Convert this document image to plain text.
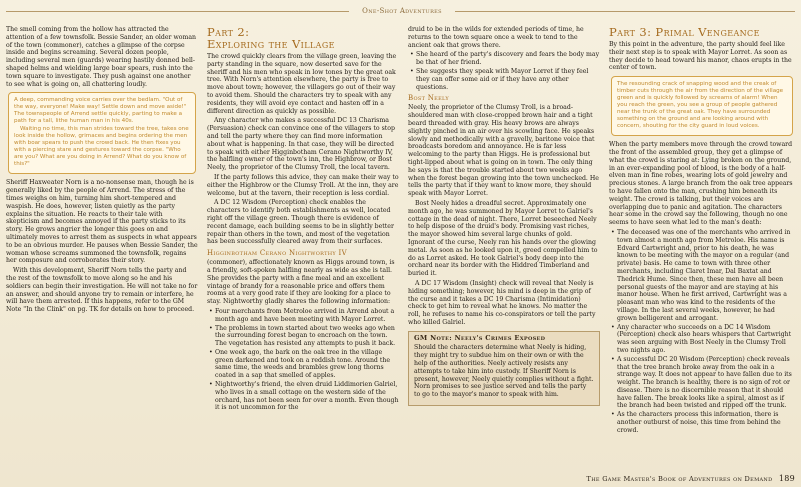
One-Shot Adventures

The smell coming from the hollow has attracted the attention of a few townsfolk. Bessie Sander, an older woman of the town (commoner), catches a glimpse of the corpse inside and begins screaming. Several dozen people, including several men (guards) wearing hastily donned bell-shaped helms and wielding large boar spears, rush into the town square to investigate. They push against one another to see what is going on, all chattering loudly.

A deep, commanding voice carries over the bedlam. "Out of the way, everyone! Make way! Settle down and move aside!" The townspeople of Arrend settle quickly, parting to make a path for a tall, lithe human man in his 40s.

Waiting no time, this man strides toward the tree, takes one look inside the hollow, grimaces and begins ordering the men with boar spears to push the crowd back. He then fixes you with a piercing stare and gestures toward the corpse. "Who are you? What are you doing in Arrend? What do you know of this?"

Sheriff Haxweater Norn is a no-nonsense man, though he is generally liked by the people of Arrend. The stress of the times weighs on him, turning him short-tempered and waspish. He does, however, listen quietly as the party explains the situation. He reacts to their tale with skepticism and becomes annoyed if the party sticks to its story. He grows angrier the longer this goes on and ultimately moves to arrest them as suspects in what appears to be an obvious murder. He pauses when Bessie Sander, the woman whose screams summoned the townsfolk, regains her composure and corroborates their story.

With this development, Sheriff Norn tells the party and the rest of the townsfolk to move along so he and his soldiers can begin their investigation. He will not take no for an answer, and should anyone try to remain or interfere, he will have them arrested. If this happens, refer to the GM Note "In the Clink" on pg. TK for details on how to proceed.

Part 2:
Exploring the Village

The crowd quickly clears from the village green, leaving the party standing in the square, now deserted save for the sheriff and his men who speak in low tones by the great oak tree. With Norn's attention elsewhere, the party is free to move about town; however, the villagers go out of their way to avoid them. Should the characters try to speak with any residents, they will avoid eye contact and hasten off in a different direction as quickly as possible.

Any character who makes a successful DC 13 Charisma (Persuasion) check can convince one of the villagers to stop and tell the party where they can find more information about what is happening. In that case, they will be directed to speak with either Higginbotham Cerano Nightworthy IV, the halfling owner of the town's inn, the Highbrow, or Bost Neely, the proprietor of the Clumsy Troll, the local tavern.

If the party follows this advice, they can make their way to either the Highbrow or the Clumsy Troll. At the inn, they are welcome, but at the tavern, their reception is less cordial.

A DC 12 Wisdom (Perception) check enables the characters to identify both establishments as well, located right off the village green. Though there is evidence of recent damage, each building seems to be in slightly better repair than others in the town, and most of the vegetation has been successfully cleared away from their surfaces.

Higginbotham Cerano Nightworthy IV

(commoner), affectionately known as Higgs around town, is a friendly, soft-spoken halfling nearly as wide as she is tall. She provides the party with a fine meal and an excellent vintage of brandy for a reasonable price and offers them rooms at a very good rate if they are looking for a place to stay. Nightworthy gladly shares the following information:

• Four merchants from Metroloe arrived in Arrend about a month ago and have been meeting with Mayor Lorret.
• The problems in town started about two weeks ago when the surrounding forest began to encroach on the town. The vegetation has resisted any attempts to push it back.
• One week ago, the bark on the oak tree in the village green darkened and took on a reddish tone. Around the same time, the weeds and brambles grew long thorns coated in a sap that smelled of apples.
• Nightworthy's friend, the elven druid Liddimorien Galriel, who lives in a small cottage on the western side of the orchard, has not been seen for over a month. Even though it is not uncommon for the

druid to be in the wilds for extended periods of time, he returns to the town square once a week to tend to the ancient oak that grows there.

• She heard of the party's discovery and fears the body may be that of her friend.
• She suggests they speak with Mayor Lorret if they feel they can offer some aid or if they have any other questions.
Bost Neely

Neely, the proprietor of the Clumsy Troll, is a broad-shouldered man with close-cropped brown hair and a tight beard threaded with gray. His heavy brows are always slightly pinched in an air over his scowling face. He speaks slowly and methodically with a gravelly, baritone voice that broadcasts boredom and annoyance. He is far less welcoming to the party than Higgs. He is professional but tight-lipped about what is going on in town. The only thing he says is that the trouble started about two weeks ago when the forest began growing into the town unchecked. He tells the party that if they want to know more, they should speak with Mayor Lorret.

Bost Neely hides a dreadful secret. Approximately one month ago, he was summoned by Mayor Lorret to Galriel's cottage in the dead of night. There, Lorret beseeched Neely to help dispose of the druid's body. Promising vast riches, the mayor showed him several large chunks of gold. Ignorant of the curse, Neely ran his hands over the glowing metal. As soon as he looked upon it, greed compelled him to do as Lorret asked. He took Galriel's body deep into the orchard near its border with the Hiddred Timberland and buried it.

A DC 17 Wisdom (Insight) check will reveal that Neely is hiding something; however, his mind is deep in the grip of the curse and it takes a DC 19 Charisma (Intimidation) check to get him to reveal what he knows. No matter the roll, he refuses to name his co-conspirators or tell the party who killed Galriel.

GM Note: Neely's Crimes Exposed

Should the characters determine what Neely is hiding, they might try to subdue him on their own or with the help of the authorities. Neely actively resists any attempts to take him into custody. If Sheriff Norn is present, however, Neely quietly complies without a fight. Norn promises to see justice served and tells the party to go to the mayor's manor to speak with him.

Part 3: Primal Vengeance

By this point in the adventure, the party should feel like their next step is to speak with Mayor Lorret. As soon as they decide to head toward his manor, chaos erupts in the center of town.

The resounding crack of snapping wood and the creak of timber cuts through the air from the direction of the village green and is quickly followed by screams of alarm! When you reach the green, you see a group of people gathered near the trunk of the great oak. They have surrounded something on the ground and are looking around with concern, shouting for the city guard in loud voices.

When the party members move through the crowd toward the front of the assembled group, they get a glimpse of what the crowd is staring at: Lying broken on the ground, in an ever-expanding pool of blood, is the body of a half-elven man in fine robes, wearing lots of gold jewelry and precious stones. A large branch from the oak tree appears to have fallen onto the man, crushing him beneath its weight. The crowd is talking, but their voices are overlapping due to panic and agitation. The characters hear some in the crowd say the following, though no one seems to have seen what led to the man's death:

• The deceased was one of the merchants who arrived in town almost a month ago from Metroloe. His name is Edvard Cartwright and, prior to his death, he was known to be meeting with the mayor on a regular (and private) basis. He came to town with three other merchants, including Claret Imar, Dal Baxtat and Thedrick Hume. Since then, these men have all been personal guests of the mayor and are staying at his manor house. When he first arrived, Cartwright was a pleasant man who was kind to the residents of the village. In the last several weeks, however, he had grown belligerent and arrogant.
• Any character who succeeds on a DC 14 Wisdom (Perception) check also hears whispers that Cartwright was seen arguing with Bost Neely in the Clumsy Troll two nights ago.
• A successful DC 20 Wisdom (Perception) check reveals that the tree branch broke away from the oak in a strange way. It does not appear to have fallen due to its weight. The branch is healthy, there is no sign of rot or disease. There is no discernible reason that it should have fallen. The break looks like a spiral, almost as if the branch had been twisted and ripped off the trunk.
• As the characters process this information, there is another outburst of noise, this time from behind the crowd.
The Game Master's Book of Adventures on Demand 189
